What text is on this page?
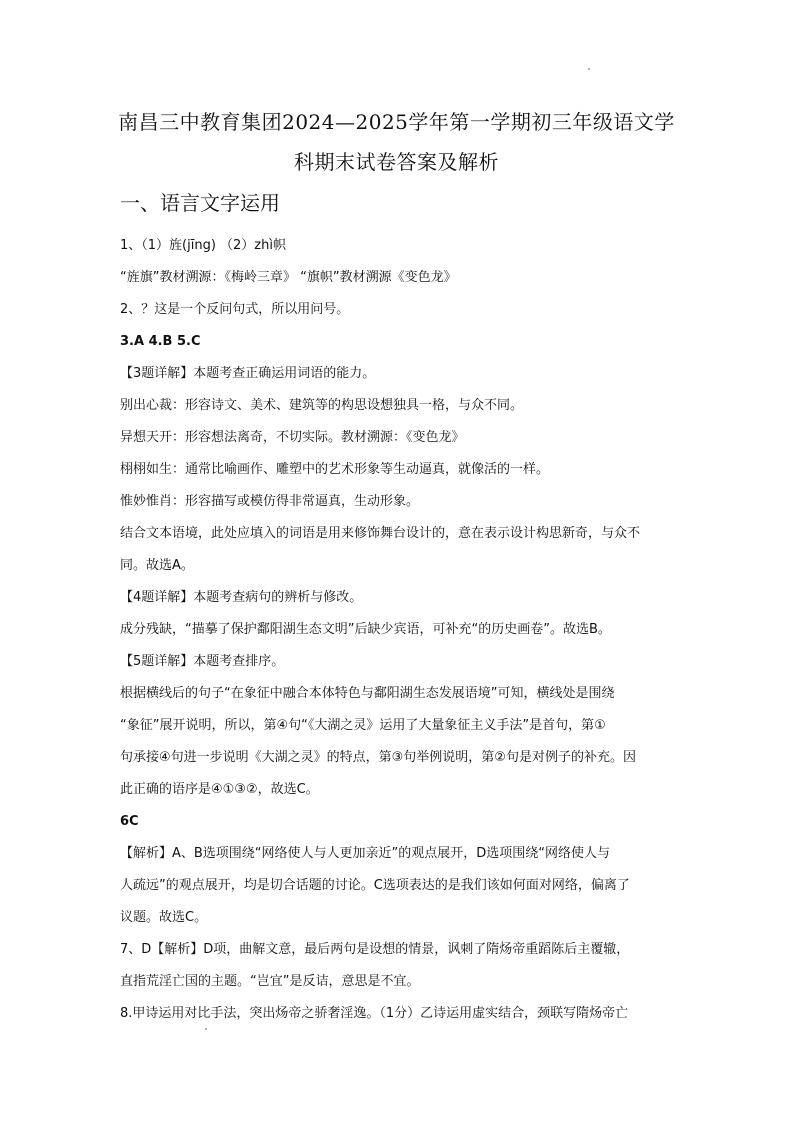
南昌三中教育集团2024—2025学年第一学期初三年级语文学
科期末试卷答案及解析
一、语言文字运用
1、（1）旌(jīng) （2）zhì帜
“旌旗”教材溯源：《梅岭三章》 “旗帜”教材溯源《变色龙》
2、？这是一个反问句式，所以用问号。
3.A 4.B 5.C
【3题详解】本题考查正确运用词语的能力。
别出心裁：形容诗文、美术、建筑等的构思设想独具一格，与众不同。
异想天开：形容想法离奇，不切实际。教材溯源：《变色龙》
栩栩如生：通常比喻画作、雕塑中的艺术形象等生动逼真，就像活的一样。
惟妙惟肖：形容描写或模仿得非常逼真，生动形象。
结合文本语境，此处应填入的词语是用来修饰舞台设计的，意在表示设计构思新奇，与众不
同。故选A。
【4题详解】本题考查病句的辨析与修改。
成分残缺，“描摹了保护鄱阳湖生态文明”后缺少宾语，可补充“的历史画卷”。故选B。
【5题详解】本题考查排序。
根据横线后的句子“在象征中融合本体特色与鄱阳湖生态发展语境”可知，横线处是围绕
“象征”展开说明，所以，第④句“《大湖之灵》运用了大量象征主义手法”是首句，第①
句承接④句进一步说明《大湖之灵》的特点，第③句举例说明，第②句是对例子的补充。因
此正确的语序是④①③②，故选C。
6C
【解析】A、B选项围绕“网络使人与人更加亲近”的观点展开，D选项围绕“网络使人与
人疏远”的观点展开，均是切合话题的讨论。C选项表达的是我们该如何面对网络，偏离了
议题。故选C。
7、D【解析】D项，曲解文意，最后两句是设想的情景，讽刺了隋炀帝重蹈陈后主覆辙，
直指荒淫亡国的主题。“岂宜”是反诘，意思是不宜。
8.甲诗运用对比手法，突出炀帝之骄奢淫逸。（1分）乙诗运用虚实结合，颈联写隋炀帝亡
